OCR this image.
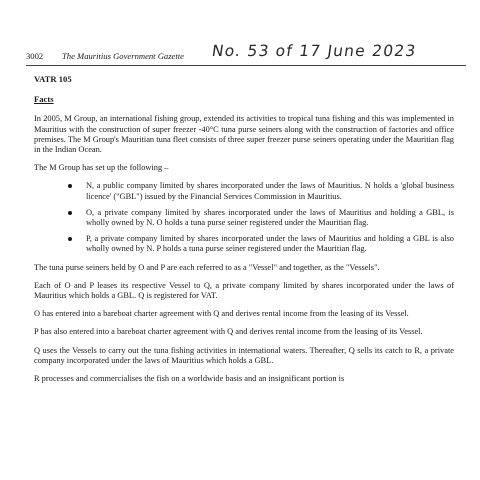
3002 The Mauritius Government Gazette No. 53 of 17 June 2023
VATR 105
Facts

In 2005, M Group, an international fishing group, extended its activities to tropical tuna fishing and this was implemented in Mauritius with the construction of super freezer -40°C tuna purse seiners along with the construction of factories and office premises. The M Group's Mauritian tuna fleet consists of three super freezer purse seiners operating under the Mauritian flag in the Indian Ocean.

The M Group has set up the following –

N, a public company limited by shares incorporated under the laws of Mauritius. N holds a 'global business licence' ("GBL") issued by the Financial Services Commission in Mauritius.
O, a private company limited by shares incorporated under the laws of Mauritius and holding a GBL, is wholly owned by N. O holds a tuna purse seiner registered under the Mauritian flag.
P, a private company limited by shares incorporated under the laws of Mauritius and holding a GBL is also wholly owned by N. P holds a tuna purse seiner registered under the Mauritian flag.

The tuna purse seiners held by O and P are each referred to as a "Vessel" and together, as the "Vessels".

Each of O and P leases its respective Vessel to Q, a private company limited by shares incorporated under the laws of Mauritius which holds a GBL. Q is registered for VAT.

O has entered into a bareboat charter agreement with Q and derives rental income from the leasing of its Vessel.

P has also entered into a bareboat charter agreement with Q and derives rental income from the leasing of its Vessel.

Q uses the Vessels to carry out the tuna fishing activities in international waters. Thereafter, Q sells its catch to R, a private company incorporated under the laws of Mauritius which holds a GBL.

R processes and commercialises the fish on a worldwide basis and an insignificant portion is
